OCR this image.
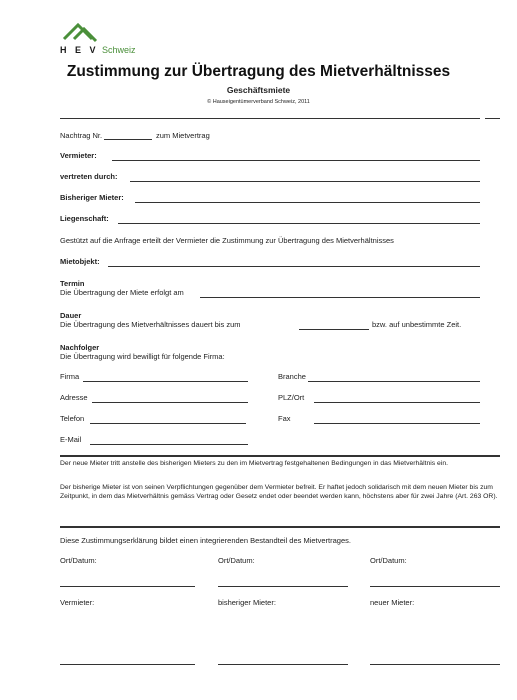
H E V Schweiz
Zustimmung zur Übertragung des Mietverhältnisses
Geschäftsmiete
© Hauseigentümerverband Schweiz, 2011
Nachtrag Nr.	zum Mietvertrag
Vermieter:
vertreten durch:
Bisheriger Mieter:
Liegenschaft:
Gestützt auf die Anfrage erteilt der Vermieter die Zustimmung zur Übertragung des Mietverhältnisses
Mietobjekt:
Termin
Die Übertragung der Miete erfolgt am
Dauer
Die Übertragung des Mietverhältnisses dauert bis zum	bzw. auf unbestimmte Zeit.
Nachfolger
Die Übertragung wird bewilligt für folgende Firma:
Firma	Branche
Adresse	PLZ/Ort
Telefon	Fax
E-Mail
Der neue Mieter tritt anstelle des bisherigen Mieters zu den im Mietvertrag festgehaltenen Bedingungen in das Mietverhältnis ein.
Der bisherige Mieter ist von seinen Verpflichtungen gegenüber dem Vermieter befreit. Er haftet jedoch solidarisch mit dem neuen Mieter bis zum Zeitpunkt, in dem das Mietverhältnis gemäss Vertrag oder Gesetz endet oder beendet werden kann, höchstens aber für zwei Jahre (Art. 263 OR).
Diese Zustimmungserklärung bildet einen integrierenden Bestandteil des Mietvertrages.
Ort/Datum:	Ort/Datum:	Ort/Datum:
Vermieter:	bisheriger Mieter:	neuer Mieter:
